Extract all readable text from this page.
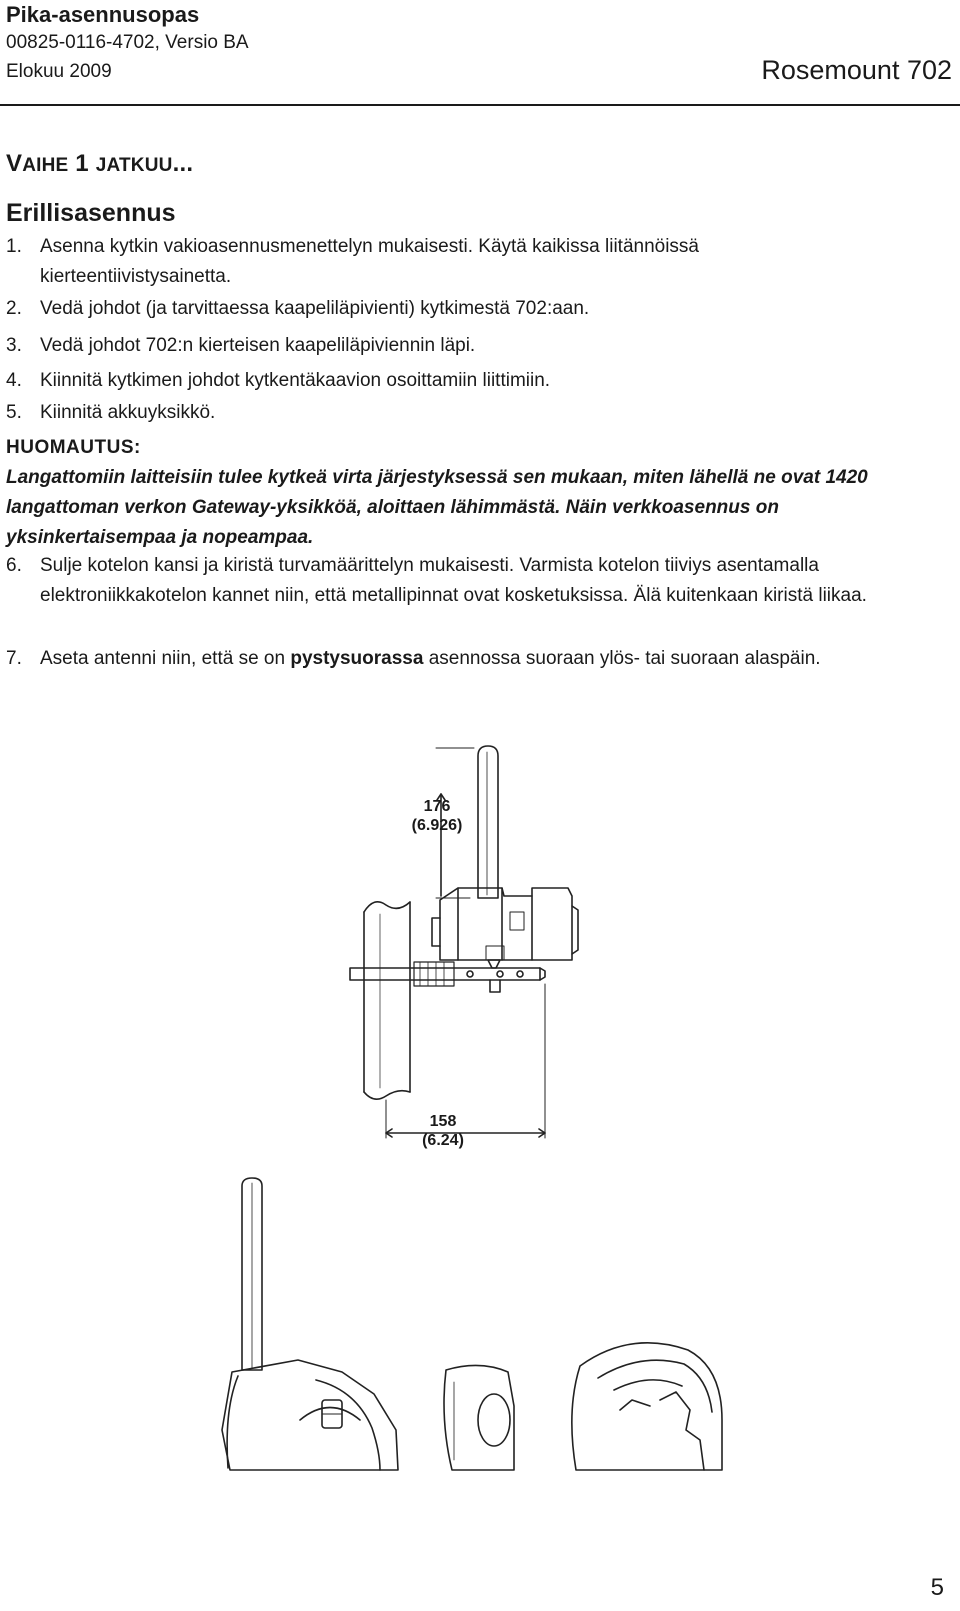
Pika-asennusopas
00825-0116-4702, Versio BA
Elokuu 2009	Rosemount 702
VAIHE 1 JATKUU...
Erillisasennus
1. Asenna kytkin vakioasennusmenettelyn mukaisesti. Käytä kaikissa liitännöissä kierteentiivistysainetta.
2. Vedä johdot (ja tarvittaessa kaapeliläpivienti) kytkimestä 702:aan.
3. Vedä johdot 702:n kierteisen kaapeliläpiviennin läpi.
4. Kiinnitä kytkimen johdot kytkentäkaavion osoittamiin liittimiin.
5. Kiinnitä akkuyksikkö.
HUOMAUTUS:
Langattomiin laitteisiin tulee kytkeä virta järjestyksessä sen mukaan, miten lähellä ne ovat 1420 langattoman verkon Gateway-yksikköä, aloittaen lähimmästä. Näin verkkoasennus on yksinkertaisempaa ja nopeampaa.
6. Sulje kotelon kansi ja kiristä turvamäärittelyn mukaisesti. Varmista kotelon tiiviys asentamalla elektroniikkakotelon kannet niin, että metallipinnat ovat kosketuksissa. Älä kuitenkaan kiristä liikaa.
7. Aseta antenni niin, että se on pystysuorassa asennossa suoraan ylös- tai suoraan alaspäin.
176
(6.926)
158
(6.24)
5
